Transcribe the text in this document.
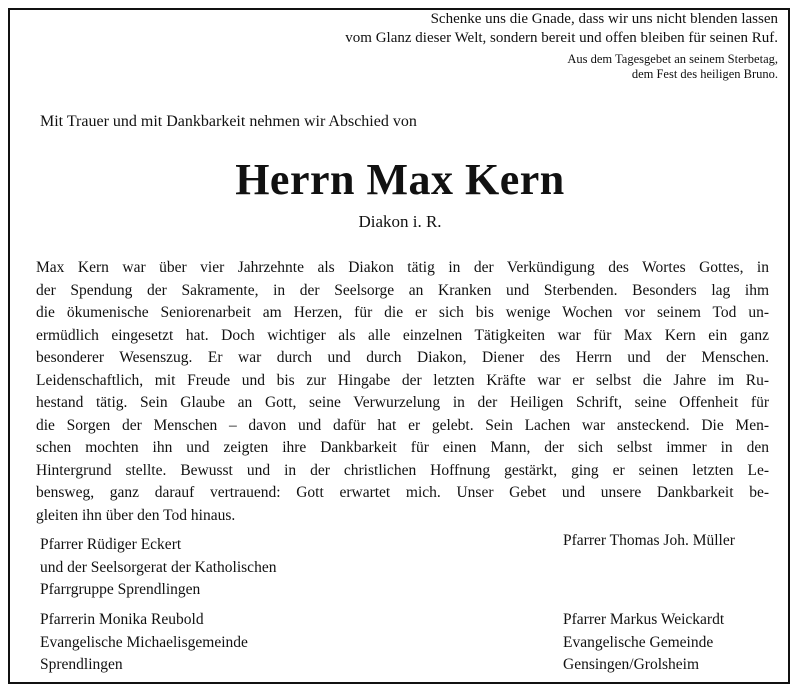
Schenke uns die Gnade, dass wir uns nicht blenden lassen
vom Glanz dieser Welt, sondern bereit und offen bleiben für seinen Ruf.
Aus dem Tagesgebet an seinem Sterbetag,
dem Fest des heiligen Bruno.
Mit Trauer und mit Dankbarkeit nehmen wir Abschied von
Herrn Max Kern
Diakon i. R.
Max Kern war über vier Jahrzehnte als Diakon tätig in der Verkündigung des Wortes Gottes, in
der Spendung der Sakramente, in der Seelsorge an Kranken und Sterbenden. Besonders lag ihm
die ökumenische Seniorenarbeit am Herzen, für die er sich bis wenige Wochen vor seinem Tod un-
ermüdlich eingesetzt hat. Doch wichtiger als alle einzelnen Tätigkeiten war für Max Kern ein ganz
besonderer Wesenszug. Er war durch und durch Diakon, Diener des Herrn und der Menschen.
Leidenschaftlich, mit Freude und bis zur Hingabe der letzten Kräfte war er selbst die Jahre im Ru-
hestand tätig. Sein Glaube an Gott, seine Verwurzelung in der Heiligen Schrift, seine Offenheit für
die Sorgen der Menschen – davon und dafür hat er gelebt. Sein Lachen war ansteckend. Die Men-
schen mochten ihn und zeigten ihre Dankbarkeit für einen Mann, der sich selbst immer in den
Hintergrund stellte. Bewusst und in der christlichen Hoffnung gestärkt, ging er seinen letzten Le-
bensweg, ganz darauf vertrauend: Gott erwartet mich. Unser Gebet und unsere Dankbarkeit be-
gleiten ihn über den Tod hinaus.
Pfarrer Rüdiger Eckert
und der Seelsorgerat der Katholischen
Pfarrgruppe Sprendlingen
Pfarrer Thomas Joh. Müller
Pfarrerin Monika Reubold
Evangelische Michaelisgemeinde
Sprendlingen
Pfarrer Markus Weickardt
Evangelische Gemeinde
Gensingen/Grolsheim
